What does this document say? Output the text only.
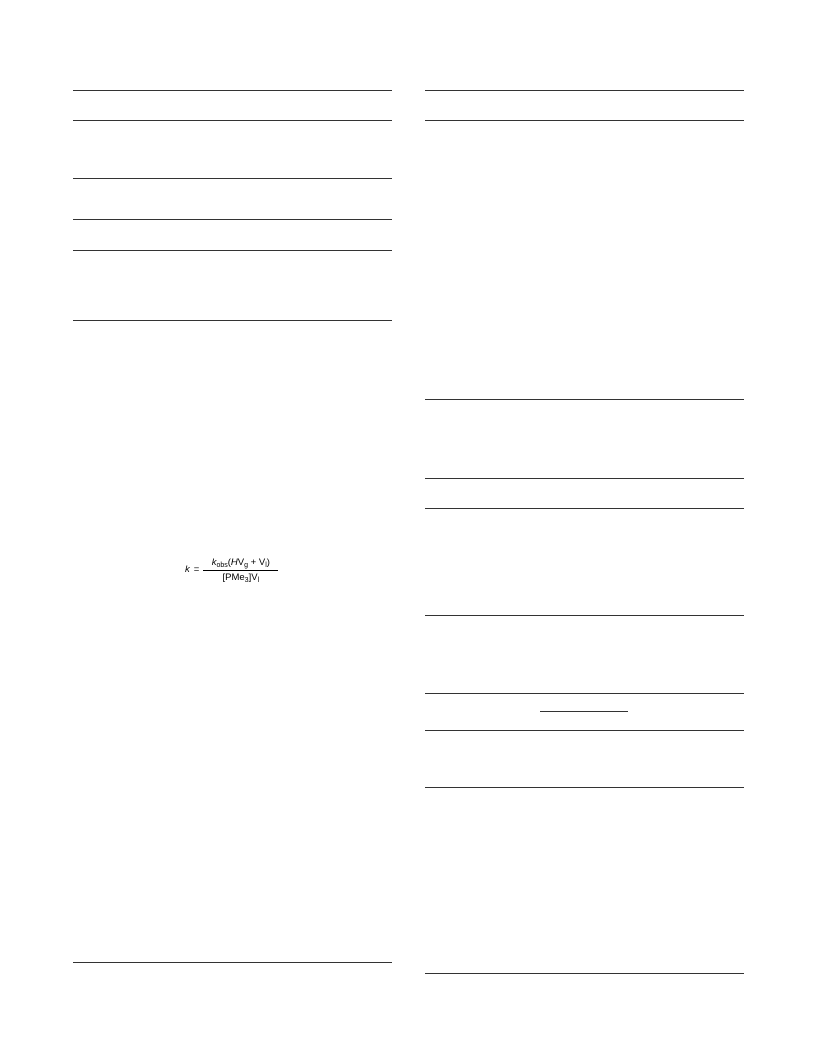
$k = \frac{k_{obs}(HV_g + V_l)}{[PMe_3]V_l}$
